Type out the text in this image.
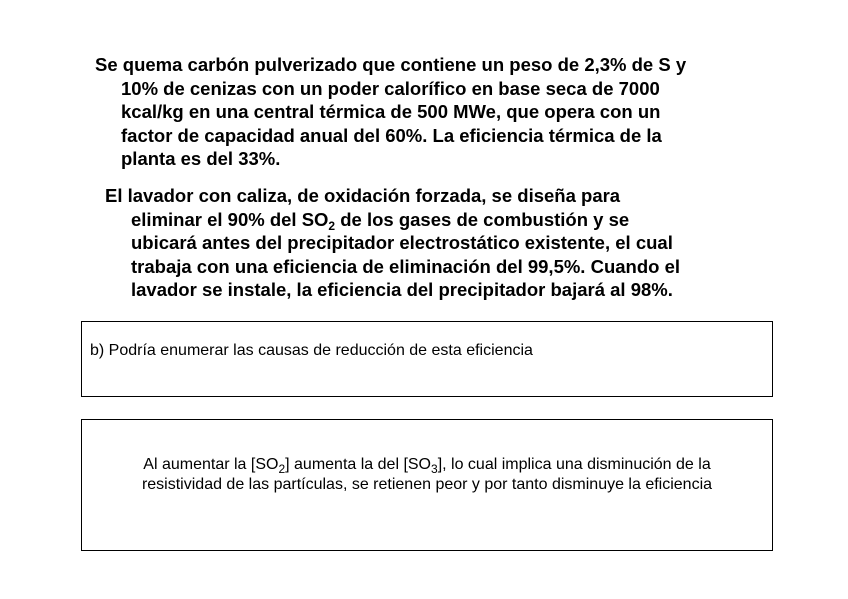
Se quema carbón pulverizado que contiene un peso de 2,3% de S y
10% de cenizas con un poder calorífico en base seca de 7000
kcal/kg en una central térmica de 500 MWe, que opera con un
factor de capacidad anual del 60%. La eficiencia térmica de la
planta es del 33%.
El lavador con caliza, de oxidación forzada, se diseña para
eliminar el 90% del $SO_2$ de los gases de combustión y se
ubicará antes del precipitador electrostático existente, el cual
trabaja con una eficiencia de eliminación del 99,5%. Cuando el
lavador se instale, la eficiencia del precipitador bajará al 98%.
b) Podría enumerar las causas de reducción de esta eficiencia
Al aumentar la $[SO_2]$ aumenta la del $[SO_3]$, lo cual implica una disminución de la
resistividad de las partículas, se retienen peor y por tanto disminuye la eficiencia
